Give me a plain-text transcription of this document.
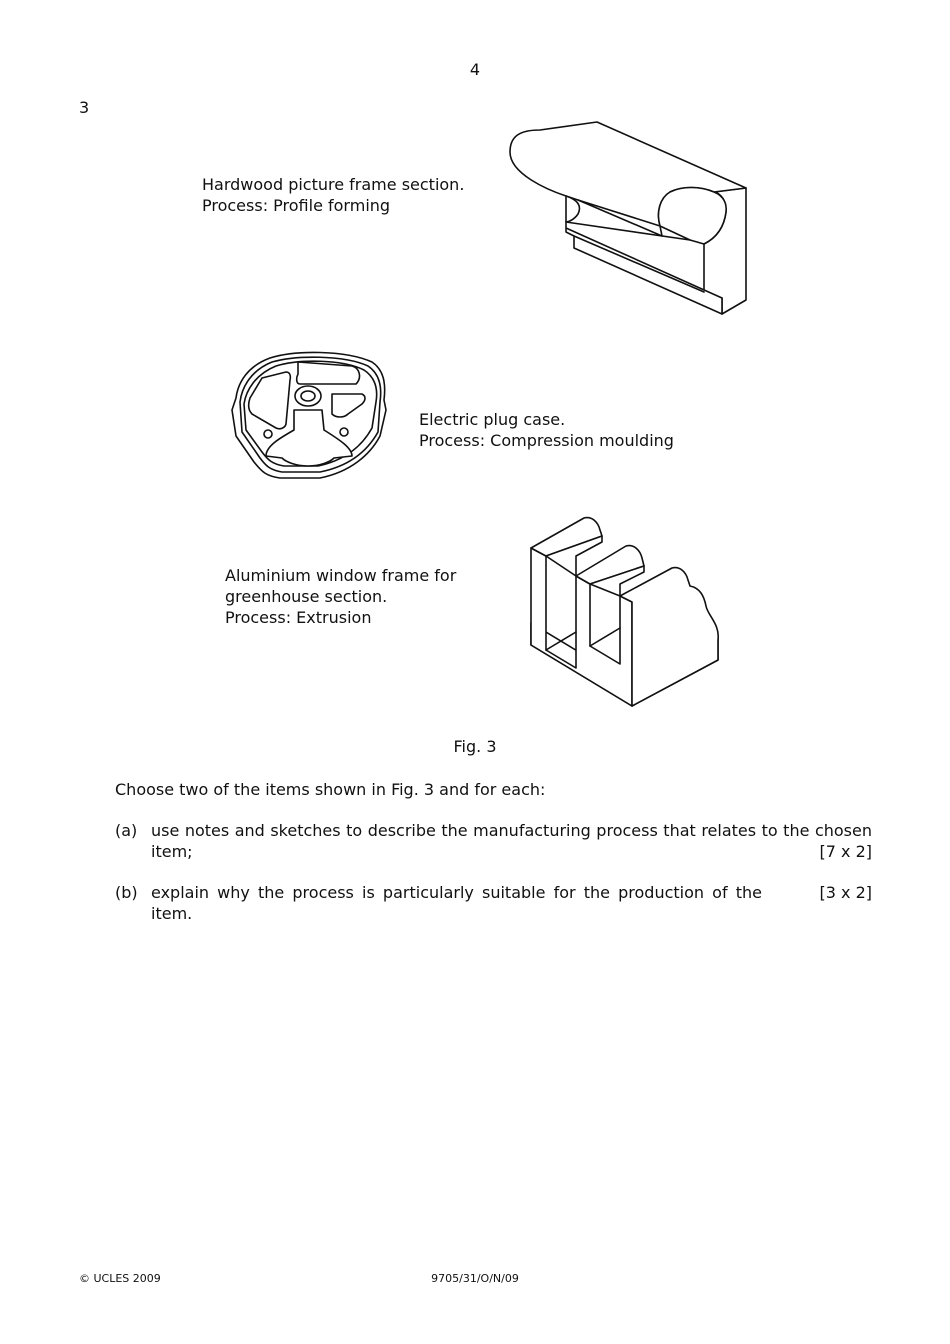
4
3
Hardwood picture frame section.
Process: Profile forming
Electric plug case.
Process: Compression moulding
Aluminium window frame for
greenhouse section.
Process: Extrusion
Fig. 3
Choose two of the items shown in Fig. 3 and for each:
(a) use notes and sketches to describe the manufacturing process that relates to the chosen item;	[7 x 2]
(b) explain why the process is particularly suitable for the production of the item.
[3 x 2]
© UCLES 2009	9705/31/O/N/09
